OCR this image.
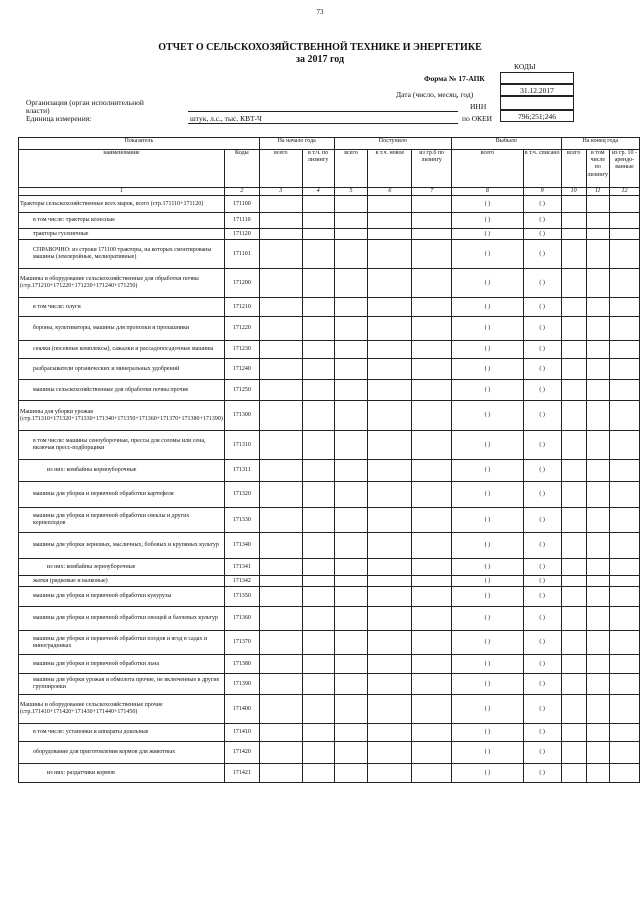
73
ОТЧЕТ О СЕЛЬСКОХОЗЯЙСТВЕННОЙ ТЕХНИКЕ И ЭНЕРГЕТИКЕ
за 2017 год
КОДЫ
Форма № 17-АПК
Дата (число, месяц, год)	31.12.2017
ИНН
по ОКЕИ	796;251;246
Организация (орган исполнительной
власти)
Единица измерения:	штук, л.с., тыс. КВТ-Ч
Показатель		На начало года		Поступило			Выбыло		На конец года		
наименование	Коды	всего	в т.ч. по лизингу	всего	в т.ч. новое	из гр.6 по лизингу	всего	в т.ч. списано	всего	в том числе по лизингу	из гр. 10 - арендо-ванные
1	2	3	4	5	6	7	8	9	10	11	12
Тракторы сельскохозяйственные всех марок, всего (стр.171110+171120)	171100						( )	( )			
в том числе: тракторы колесные	171110						( )	( )			
тракторы гусеничные	171120						( )	( )			
СПРАВОЧНО: из строки 171100 тракторы, на которых смонтированы машины (землеройные, мелиоративные)	171101						( )	( )			
Машины и оборудование сельскохозяйственные для обработки почвы (стр.171210+171220+171230+171240+171250)	171200						( )	( )			
в том числе: плуги	171210						( )	( )			
бороны, культиваторы, машины для прополки и пропашники	171220						( )	( )			
сеялки (посевные комплексы), сажалки и рассадопосадочные машины	171230						( )	( )			
разбрасыватели органических и минеральных удобрений	171240						( )	( )			
машины сельскохозяйственные для обработки почвы прочие	171250						( )	( )			
Машины для уборки урожая (стр.171310+171320+171330+171340+171350+171360+171370+171380+171390)	171300						( )	( )			
в том числе: машины сеноуборочные, прессы для соломы или сена, включая пресс-подборщики	171310						( )	( )			
из них: комбайны кормоуборочные	171311						( )	( )			
машины для уборки и первичной обработки картофеля	171320						( )	( )			
машины для уборки и первичной обработки свеклы и других корнеплодов	171330						( )	( )			
машины для уборки зерновых, масличных, бобовых и крупяных культур	171340						( )	( )			
из них: комбайны зерноуборочные	171341						( )	( )			
жатки (рядковые и валковые)	171342						( )	( )			
машины для уборки и первичной обработки кукурузы	171350						( )	( )			
машины для уборки и первичной обработки овощей и бахчевых культур	171360						( )	( )			
машины для уборки и первичной обработки плодов и ягод в садах и виноградниках	171370						( )	( )			
машины для уборки и первичной обработки льна	171380						( )	( )			
машины для уборки урожая и обмолота прочие, не включенные в другие группировки	171390						( )	( )			
Машины и оборудование сельскохозяйственные прочие (стр.171410+171420+171430+171440+171450)	171400						( )	( )			
в том числе: установки и аппараты доильные	171410						( )	( )			
оборудование для приготовления кормов для животных	171420						( )	( )			
из них: раздатчики кормов	171421						( )	( )			
